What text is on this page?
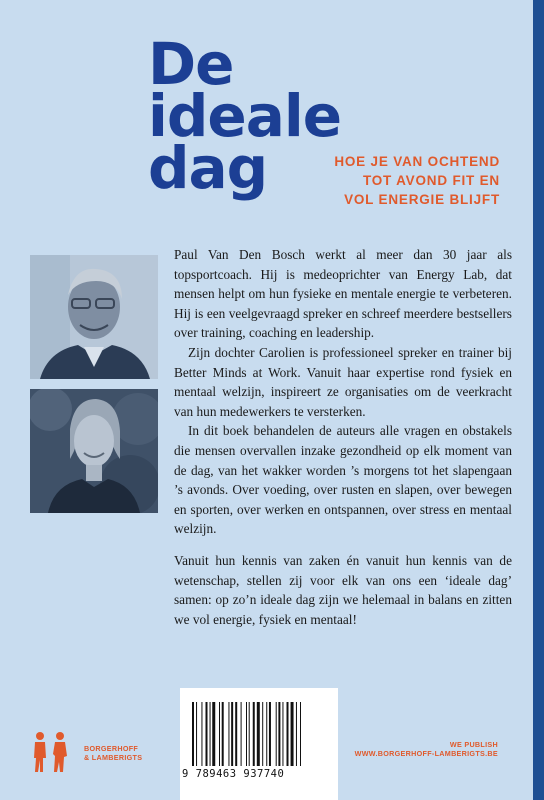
De
ideale
dag	HOE JE VAN OCHTEND
TOT AVOND FIT EN
VOL ENERGIE BLIJFT

Paul Van Den Bosch werkt al meer dan 30 jaar als topsportcoach. Hij is medeoprichter van Energy Lab, dat mensen helpt om hun fysieke en mentale energie te verbeteren. Hij is een veelgevraagd spreker en schreef meerdere bestsellers over training, coaching en leadership.

Zijn dochter Carolien is professioneel spreker en trainer bij Better Minds at Work. Vanuit haar expertise rond fysiek en mentaal welzijn, inspireert ze organisaties om de veerkracht van hun medewerkers te versterken.

In dit boek behandelen de auteurs alle vragen en obstakels die mensen overvallen inzake gezondheid op elk moment van de dag, van het wakker worden ’s morgens tot het slapengaan ’s avonds. Over voeding, over rusten en slapen, over bewegen en sporten, over werken en ontspannen, over stress en mentaal welzijn.

Vanuit hun kennis van zaken én vanuit hun kennis van de wetenschap, stellen zij voor elk van ons een ‘ideale dag’ samen: op zo’n ideale dag zijn we helemaal in balans en zitten we vol energie, fysiek en mentaal!

9 789463 937740
BORGERHOFF
& LAMBERIGTS
WE PUBLISH
WWW.BORGERHOFF-LAMBERIGTS.BE
